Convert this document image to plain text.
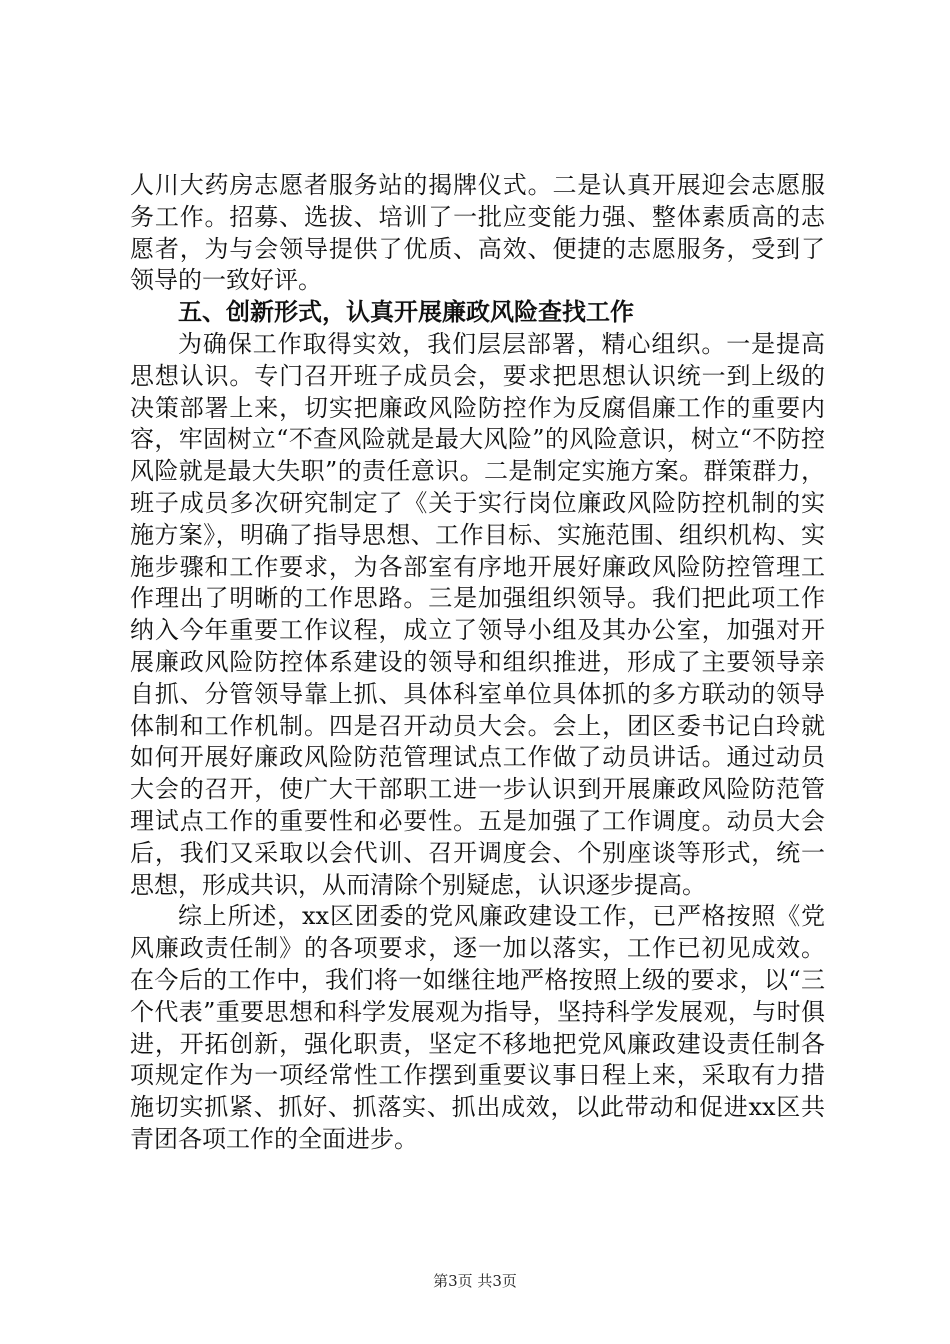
人川大药房志愿者服务站的揭牌仪式。二是认真开展迎会志愿服务工作。招募、选拔、培训了一批应变能力强、整体素质高的志愿者，为与会领导提供了优质、高效、便捷的志愿服务，受到了领导的一致好评。

五、创新形式，认真开展廉政风险查找工作

为确保工作取得实效，我们层层部署，精心组织。一是提高思想认识。专门召开班子成员会，要求把思想认识统一到上级的决策部署上来，切实把廉政风险防控作为反腐倡廉工作的重要内容，牢固树立“不查风险就是最大风险”的风险意识，树立“不防控风险就是最大失职”的责任意识。二是制定实施方案。群策群力，班子成员多次研究制定了《关于实行岗位廉政风险防控机制的实施方案》，明确了指导思想、工作目标、实施范围、组织机构、实施步骤和工作要求，为各部室有序地开展好廉政风险防控管理工作理出了明晰的工作思路。三是加强组织领导。我们把此项工作纳入今年重要工作议程，成立了领导小组及其办公室，加强对开展廉政风险防控体系建设的领导和组织推进，形成了主要领导亲自抓、分管领导靠上抓、具体科室单位具体抓的多方联动的领导体制和工作机制。四是召开动员大会。会上，团区委书记白玲就如何开展好廉政风险防范管理试点工作做了动员讲话。通过动员大会的召开，使广大干部职工进一步认识到开展廉政风险防范管理试点工作的重要性和必要性。五是加强了工作调度。动员大会后，我们又采取以会代训、召开调度会、个别座谈等形式，统一思想，形成共识，从而清除个别疑虑，认识逐步提高。

综上所述，xx区团委的党风廉政建设工作，已严格按照《党风廉政责任制》的各项要求，逐一加以落实，工作已初见成效。在今后的工作中，我们将一如继往地严格按照上级的要求，以“三个代表”重要思想和科学发展观为指导，坚持科学发展观，与时俱进，开拓创新，强化职责，坚定不移地把党风廉政建设责任制各项规定作为一项经常性工作摆到重要议事日程上来，采取有力措施切实抓紧、抓好、抓落实、抓出成效，以此带动和促进xx区共青团各项工作的全面进步。

第3页 共3页
